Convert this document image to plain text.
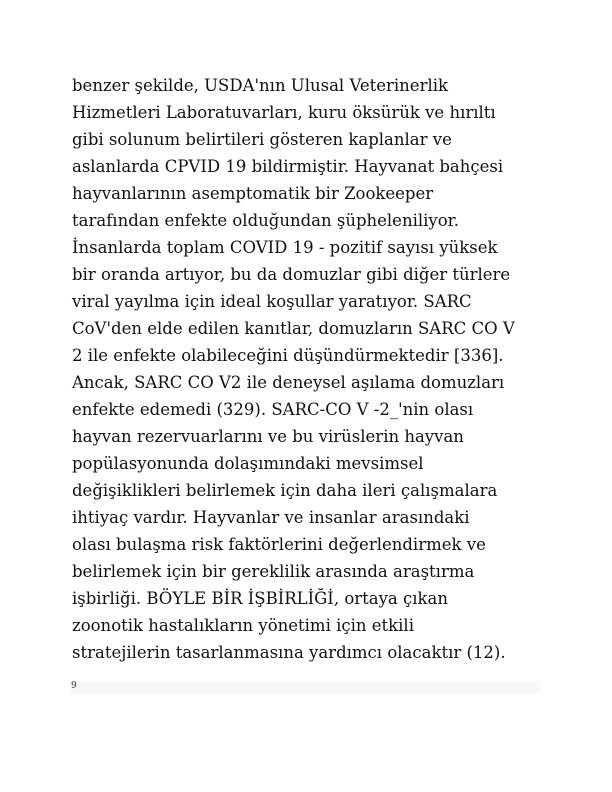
benzer şekilde, USDA'nın Ulusal Veterinerlik
Hizmetleri Laboratuvarları, kuru öksürük ve hırıltı
gibi solunum belirtileri gösteren kaplanlar ve
aslanlarda CPVID 19 bildirmiştir. Hayvanat bahçesi
hayvanlarının asemptomatik bir Zookeeper
tarafından enfekte olduğundan şüpheleniliyor.
İnsanlarda toplam COVID 19 - pozitif sayısı yüksek
bir oranda artıyor, bu da domuzlar gibi diğer türlere
viral yayılma için ideal koşullar yaratıyor. SARC
CoV'den elde edilen kanıtlar, domuzların SARC CO V
2 ile enfekte olabileceğini düşündürmektedir [336].
Ancak, SARC CO V2 ile deneysel aşılama domuzları
enfekte edemedi (329). SARC-CO V -2_'nin olası
hayvan rezervuarlarını ve bu virüslerin hayvan
popülasyonunda dolaşımındaki mevsimsel
değişiklikleri belirlemek için daha ileri çalışmalara
ihtiyaç vardır. Hayvanlar ve insanlar arasındaki
olası bulaşma risk faktörlerini değerlendirmek ve
belirlemek için bir gereklilik arasında araştırma
işbirliği. BÖYLE BİR İŞBİRLİĞİ, ortaya çıkan
zoonotik hastalıkların yönetimi için etkili
stratejilerin tasarlanmasına yardımcı olacaktır (12).
9
